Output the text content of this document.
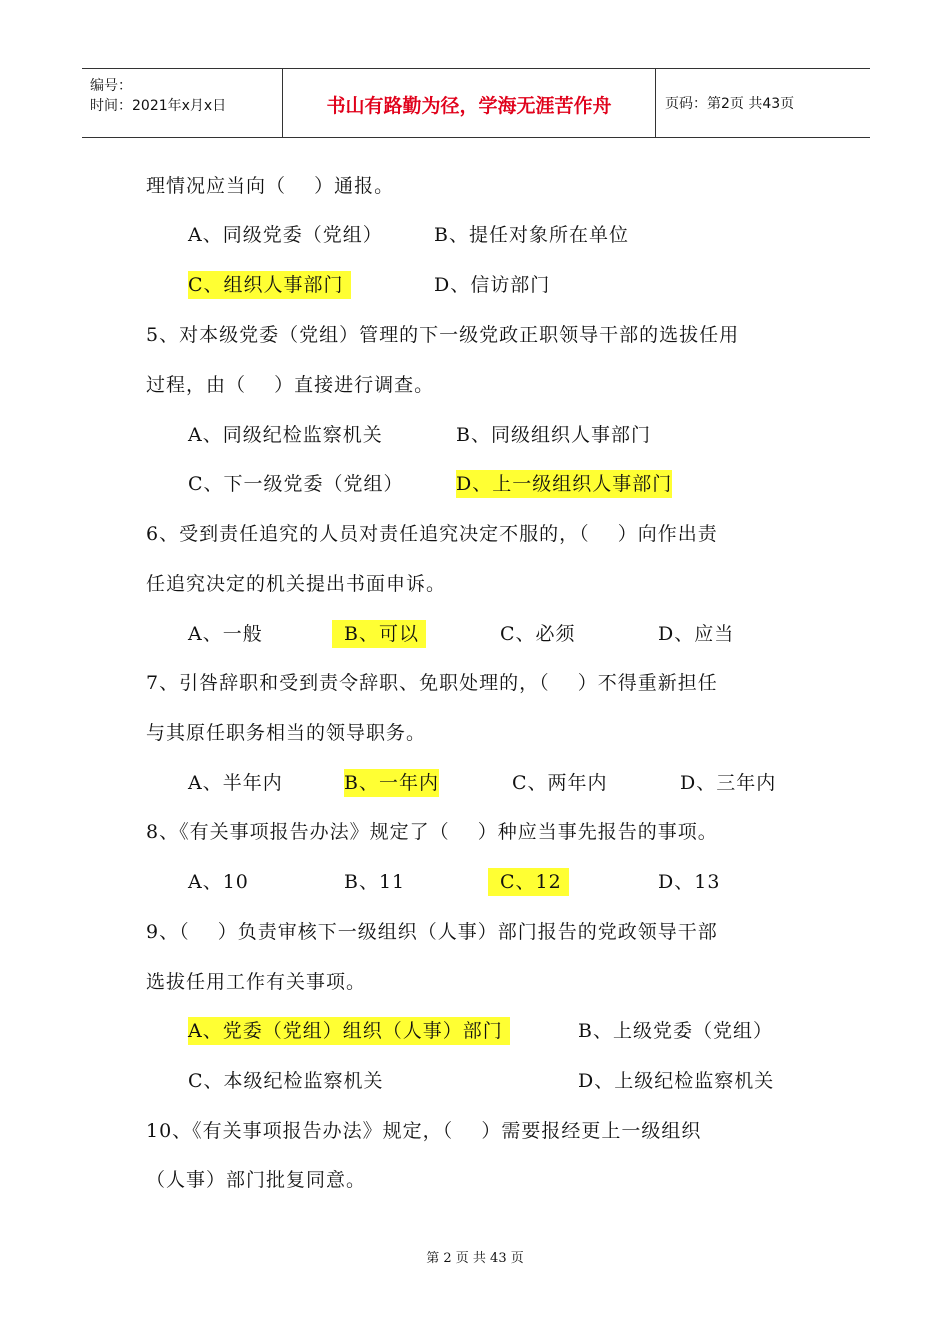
编号：
时间：2021年x月x日	书山有路勤为径，学海无涯苦作舟	页码：第2页 共43页
理情况应当向（    ）通报。
A、同级党委（党组）	B、提任对象所在单位
C、组织人事部门	D、信访部门
5、对本级党委（党组）管理的下一级党政正职领导干部的选拔任用
过程，由（    ）直接进行调查。
A、同级纪检监察机关	B、同级组织人事部门
C、下一级党委（党组）	D、上一级组织人事部门
6、受到责任追究的人员对责任追究决定不服的，（    ）向作出责
任追究决定的机关提出书面申诉。
A、一般	B、可以	C、必须	D、应当
7、引咎辞职和受到责令辞职、免职处理的，（    ）不得重新担任
与其原任职务相当的领导职务。
A、半年内	B、一年内	C、两年内	D、三年内
8、《有关事项报告办法》规定了（    ）种应当事先报告的事项。
A、10	B、11	C、12	D、13
9、（    ）负责审核下一级组织（人事）部门报告的党政领导干部
选拔任用工作有关事项。
A、党委（党组）组织（人事）部门	B、上级党委（党组）
C、本级纪检监察机关	D、上级纪检监察机关
10、《有关事项报告办法》规定，（    ）需要报经更上一级组织
（人事）部门批复同意。
第 2 页 共 43 页
